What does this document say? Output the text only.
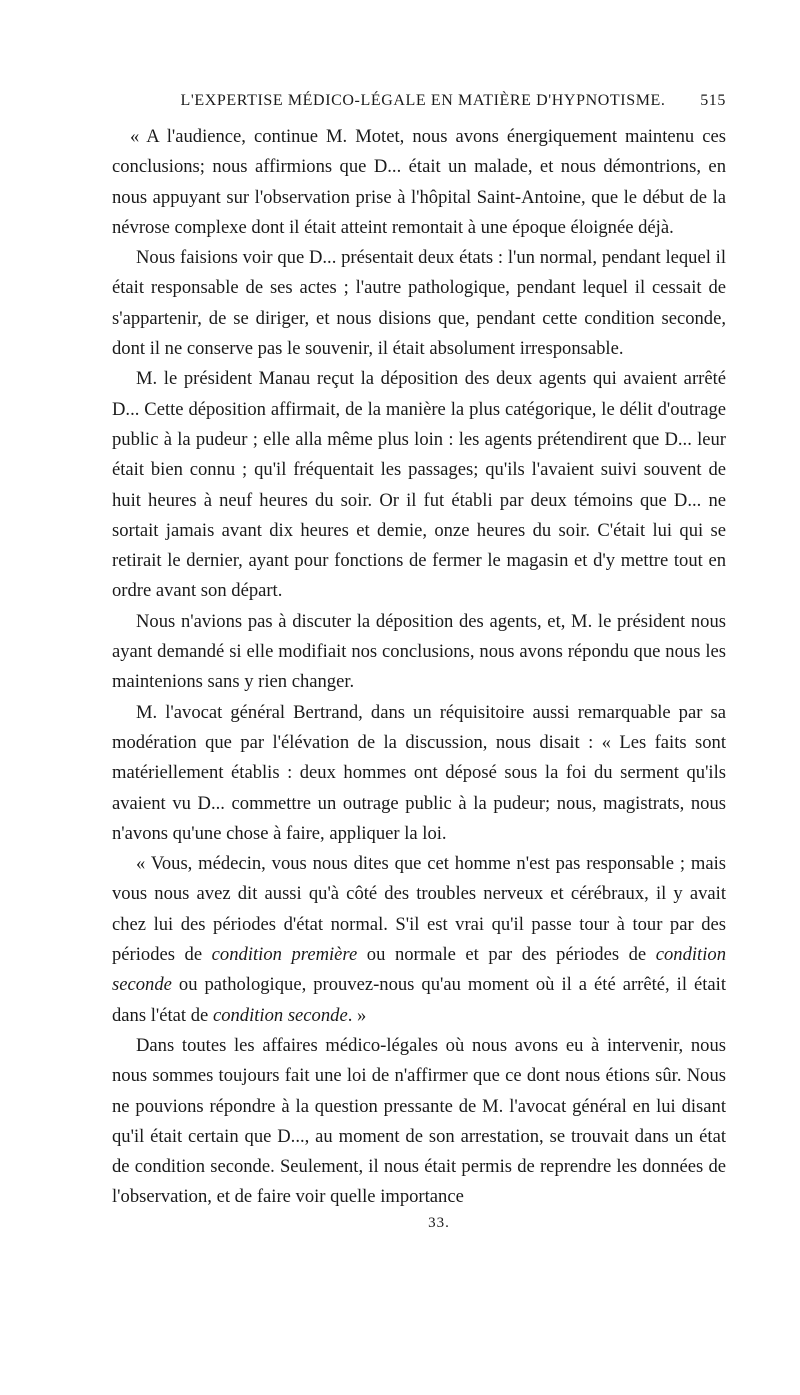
L'EXPERTISE MÉDICO-LÉGALE EN MATIÈRE D'HYPNOTISME. 515

« A l'audience, continue M. Motet, nous avons énergiquement maintenu ces conclusions; nous affirmions que D... était un malade, et nous démontrions, en nous appuyant sur l'observation prise à l'hôpital Saint-Antoine, que le début de la névrose complexe dont il était atteint remontait à une époque éloignée déjà.

Nous faisions voir que D... présentait deux états : l'un normal, pendant lequel il était responsable de ses actes ; l'autre pathologique, pendant lequel il cessait de s'appartenir, de se diriger, et nous disions que, pendant cette condition seconde, dont il ne conserve pas le souvenir, il était absolument irresponsable.

M. le président Manau reçut la déposition des deux agents qui avaient arrêté D... Cette déposition affirmait, de la manière la plus catégorique, le délit d'outrage public à la pudeur ; elle alla même plus loin : les agents prétendirent que D... leur était bien connu ; qu'il fréquentait les passages; qu'ils l'avaient suivi souvent de huit heures à neuf heures du soir. Or il fut établi par deux témoins que D... ne sortait jamais avant dix heures et demie, onze heures du soir. C'était lui qui se retirait le dernier, ayant pour fonctions de fermer le magasin et d'y mettre tout en ordre avant son départ.

Nous n'avions pas à discuter la déposition des agents, et, M. le président nous ayant demandé si elle modifiait nos conclusions, nous avons répondu que nous les maintenions sans y rien changer.

M. l'avocat général Bertrand, dans un réquisitoire aussi remarquable par sa modération que par l'élévation de la discussion, nous disait : « Les faits sont matériellement établis : deux hommes ont déposé sous la foi du serment qu'ils avaient vu D... commettre un outrage public à la pudeur; nous, magistrats, nous n'avons qu'une chose à faire, appliquer la loi.

« Vous, médecin, vous nous dites que cet homme n'est pas responsable ; mais vous nous avez dit aussi qu'à côté des troubles nerveux et cérébraux, il y avait chez lui des périodes d'état normal. S'il est vrai qu'il passe tour à tour par des périodes de condition première ou normale et par des périodes de condition seconde ou pathologique, prouvez-nous qu'au moment où il a été arrêté, il était dans l'état de condition seconde. »

Dans toutes les affaires médico-légales où nous avons eu à intervenir, nous nous sommes toujours fait une loi de n'affirmer que ce dont nous étions sûr. Nous ne pouvions répondre à la question pressante de M. l'avocat général en lui disant qu'il était certain que D..., au moment de son arrestation, se trouvait dans un état de condition seconde. Seulement, il nous était permis de reprendre les données de l'observation, et de faire voir quelle importance

33.
